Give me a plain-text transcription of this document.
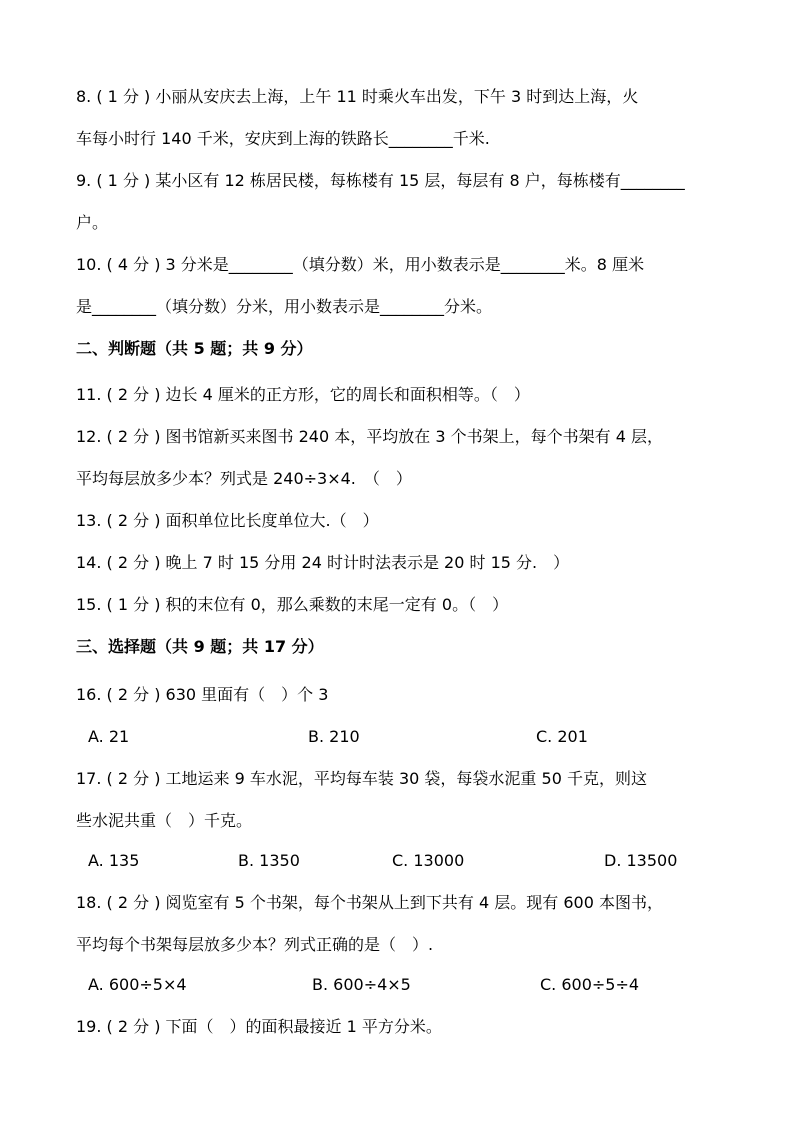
8. ( 1 分 ) 小丽从安庆去上海，上午 11 时乘火车出发，下午 3 时到达上海，火
车每小时行 140 千米，安庆到上海的铁路长________千米.
9. ( 1 分 ) 某小区有 12 栋居民楼，每栋楼有 15 层，每层有 8 户，每栋楼有________
户。
10. ( 4 分 ) 3 分米是________（填分数）米，用小数表示是________米。8 厘米
是________（填分数）分米，用小数表示是________分米。
二、判断题（共 5 题；共 9 分）
11. ( 2 分 ) 边长 4 厘米的正方形，它的周长和面积相等。（　）
12. ( 2 分 ) 图书馆新买来图书 240 本，平均放在 3 个书架上，每个书架有 4 层，
平均每层放多少本？列式是 240÷3×4.　（　）
13. ( 2 分 ) 面积单位比长度单位大.（　）
14. ( 2 分 ) 晚上 7 时 15 分用 24 时计时法表示是 20 时 15 分.　）
15. ( 1 分 ) 积的末位有 0，那么乘数的末尾一定有 0。（　）
三、选择题（共 9 题；共 17 分）
16. ( 2 分 ) 630 里面有（　）个 3
A. 21	B. 210	C. 201
17. ( 2 分 ) 工地运来 9 车水泥，平均每车装 30 袋，每袋水泥重 50 千克，则这
些水泥共重（　）千克。
A. 135	B. 1350	C. 13000	D. 13500
18. ( 2 分 ) 阅览室有 5 个书架，每个书架从上到下共有 4 层。现有 600 本图书，
平均每个书架每层放多少本？列式正确的是（　）.
A. 600÷5×4	B. 600÷4×5	C. 600÷5÷4
19. ( 2 分 ) 下面（　）的面积最接近 1 平方分米。
